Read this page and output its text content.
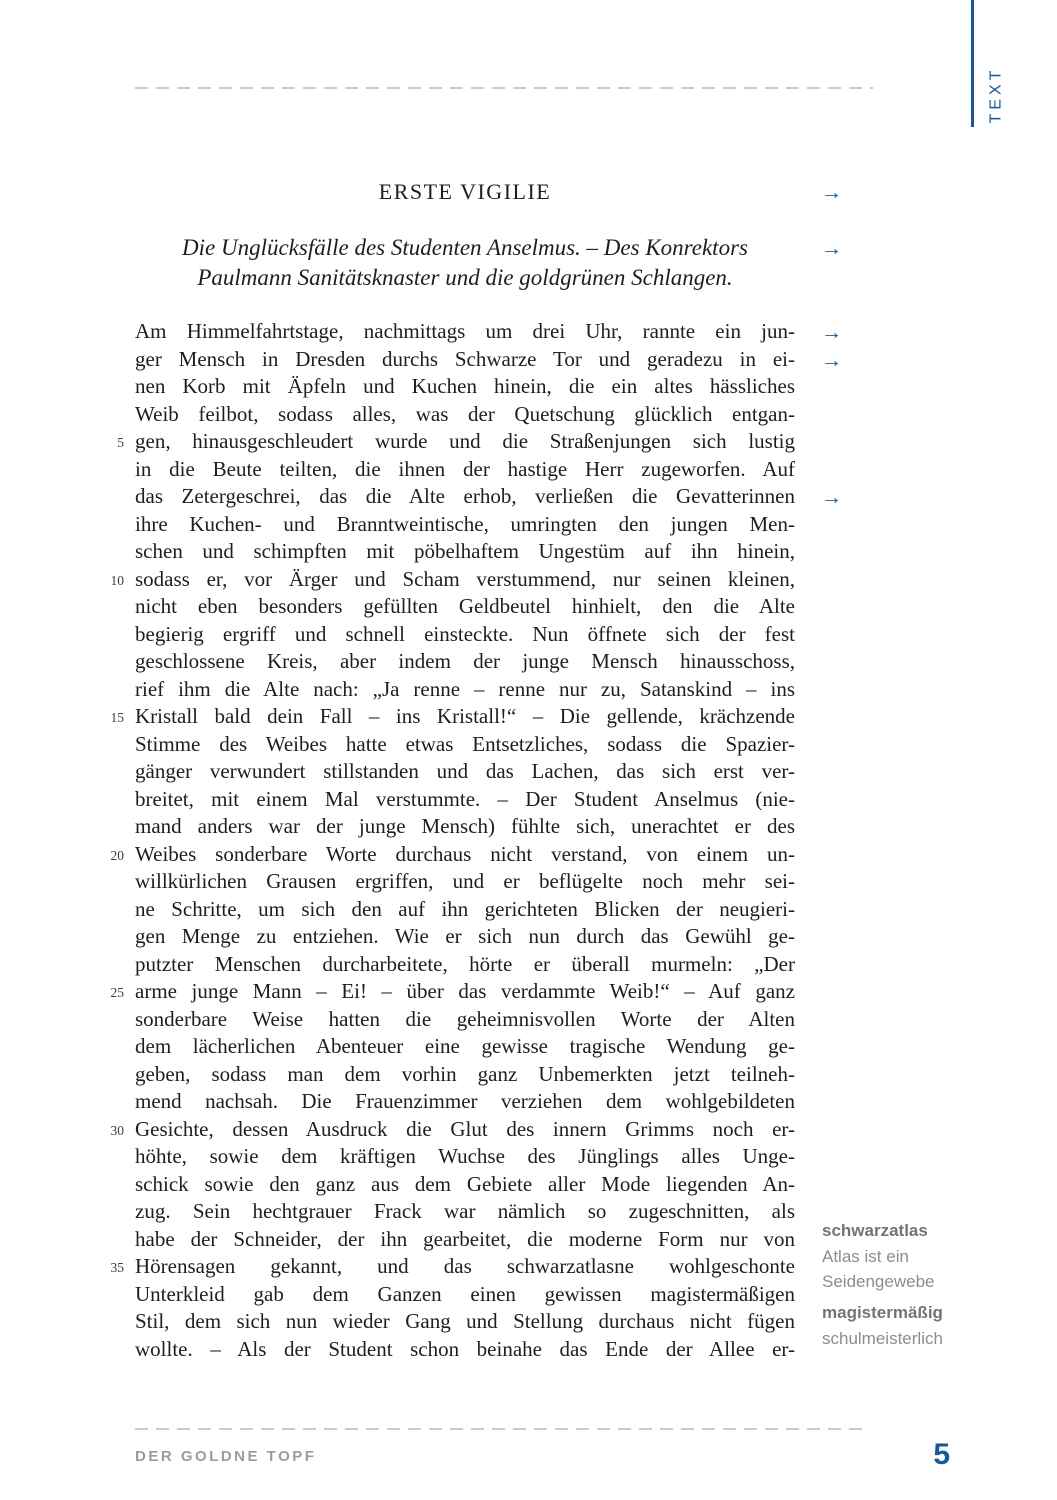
TEXT
ERSTE VIGILIE	→
Die Unglücksfälle des Studenten Anselmus. – Des Konrektors
Paulmann Sanitätsknaster und die goldgrünen Schlangen.
→
Am Himmelfahrtstage, nachmittags um drei Uhr, rannte ein jun- →
ger Mensch in Dresden durchs Schwarze Tor und geradezu in ei- →
nen Korb mit Äpfeln und Kuchen hinein, die ein altes hässliches
Weib feilbot, sodass alles, was der Quetschung glücklich entgan-
5 gen, hinausgeschleudert wurde und die Straßenjungen sich lustig
in die Beute teilten, die ihnen der hastige Herr zugeworfen. Auf
das Zetergeschrei, das die Alte erhob, verließen die Gevatterinnen →
ihre Kuchen- und Branntweintische, umringten den jungen Men-
schen und schimpften mit pöbelhaftem Ungestüm auf ihn hinein,
10 sodass er, vor Ärger und Scham verstummend, nur seinen kleinen,
nicht eben besonders gefüllten Geldbeutel hinhielt, den die Alte
begierig ergriff und schnell einsteckte. Nun öffnete sich der fest
geschlossene Kreis, aber indem der junge Mensch hinausschoss,
rief ihm die Alte nach: „Ja renne – renne nur zu, Satanskind – ins
15 Kristall bald dein Fall – ins Kristall!“ – Die gellende, krächzende
Stimme des Weibes hatte etwas Entsetzliches, sodass die Spazier-
gänger verwundert stillstanden und das Lachen, das sich erst ver-
breitet, mit einem Mal verstummte. – Der Student Anselmus (nie-
mand anders war der junge Mensch) fühlte sich, unerachtet er des
20 Weibes sonderbare Worte durchaus nicht verstand, von einem un-
willkürlichen Grausen ergriffen, und er beflügelte noch mehr sei-
ne Schritte, um sich den auf ihn gerichteten Blicken der neugieri-
gen Menge zu entziehen. Wie er sich nun durch das Gewühl ge-
putzter Menschen durcharbeitete, hörte er überall murmeln: „Der
25 arme junge Mann – Ei! – über das verdammte Weib!“ – Auf ganz
sonderbare Weise hatten die geheimnisvollen Worte der Alten
dem lächerlichen Abenteuer eine gewisse tragische Wendung ge-
geben, sodass man dem vorhin ganz Unbemerkten jetzt teilneh-
mend nachsah. Die Frauenzimmer verziehen dem wohlgebildeten
30 Gesichte, dessen Ausdruck die Glut des innern Grimms noch er-
höhte, sowie dem kräftigen Wuchse des Jünglings alles Unge-
schick sowie den ganz aus dem Gebiete aller Mode liegenden An-
zug. Sein hechtgrauer Frack war nämlich so zugeschnitten, als
habe der Schneider, der ihn gearbeitet, die moderne Form nur von
35 Hörensagen gekannt, und das schwarzatlasne wohlgeschonte
Unterkleid gab dem Ganzen einen gewissen magistermäßigen
Stil, dem sich nun wieder Gang und Stellung durchaus nicht fügen
wollte. – Als der Student schon beinahe das Ende der Allee er-
schwarzatlas
Atlas ist ein
Seidengewebe
magistermäßig
schulmeisterlich
DER GOLDNE TOPF	5
